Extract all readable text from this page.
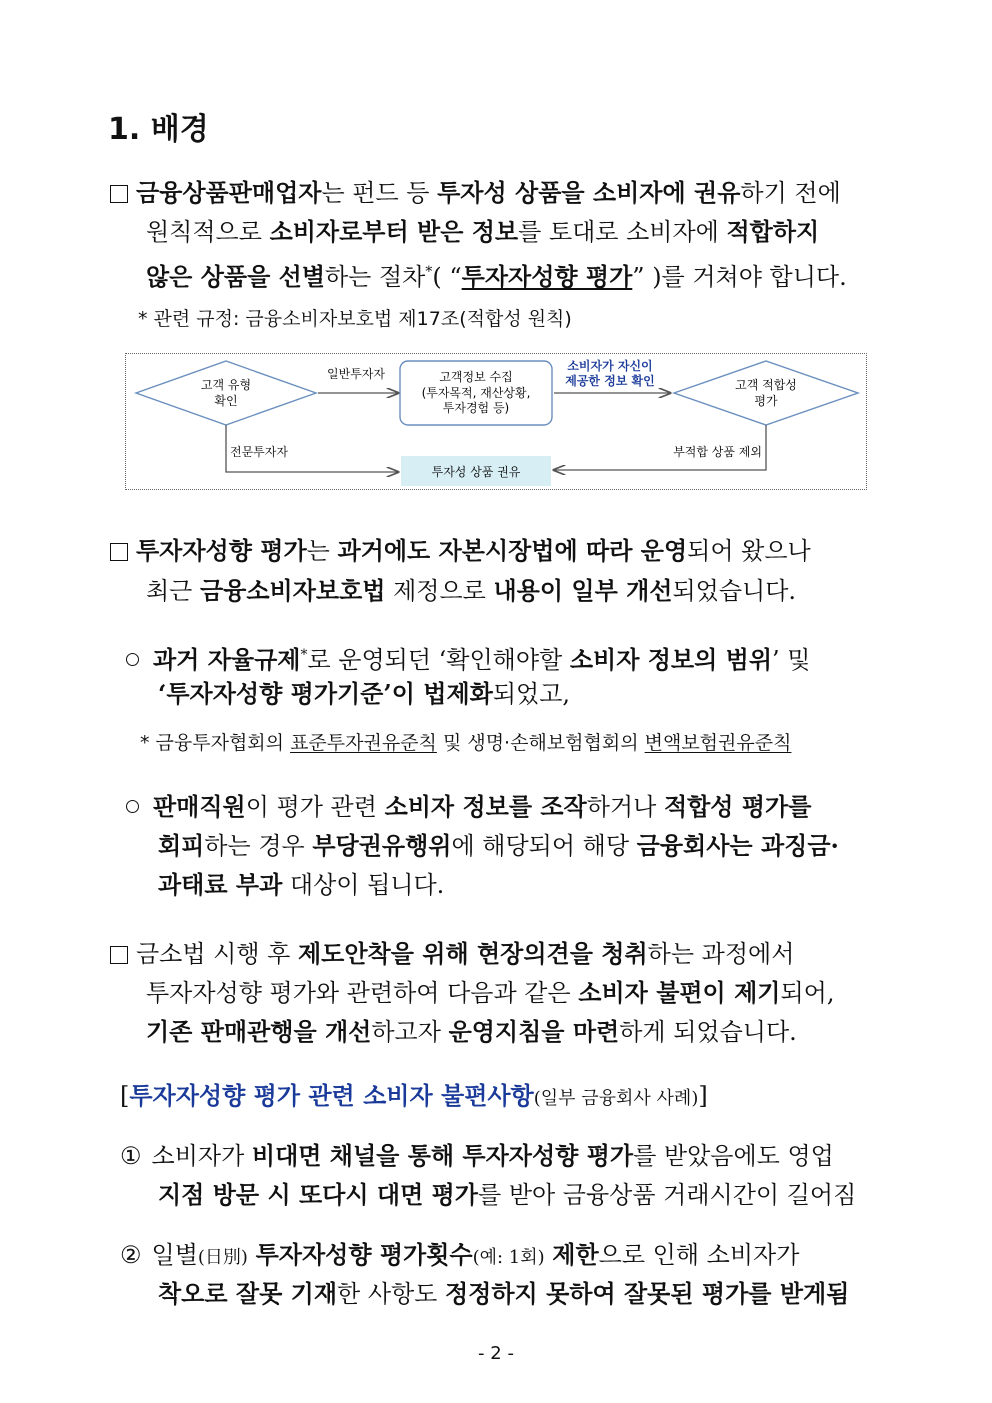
1. 배경
금융상품판매업자는 펀드 등 투자성 상품을 소비자에 권유하기 전에
원칙적으로 소비자로부터 받은 정보를 토대로 소비자에 적합하지
않은 상품을 선별하는 절차*( “투자자성향 평가” )를 거쳐야 합니다.
* 관련 규정: 금융소비자보호법 제17조(적합성 원칙)
고객 유형
확인
일반투자자	고객정보 수집
(투자목적, 재산상황,
투자경험 등)
소비자가 자신이
제공한 정보 확인	고객 적합성
평가
전문투자자	부적합 상품 제외
투자성 상품 권유
투자자성향 평가는 과거에도 자본시장법에 따라 운영되어 왔으나
최근 금융소비자보호법 제정으로 내용이 일부 개선되었습니다.
과거 자율규제*로 운영되던 ‘확인해야할 소비자 정보의 범위’ 및
‘투자자성향 평가기준’이 법제화되었고,
* 금융투자협회의 표준투자권유준칙 및 생명·손해보험협회의 변액보험권유준칙
판매직원이 평가 관련 소비자 정보를 조작하거나 적합성 평가를
회피하는 경우 부당권유행위에 해당되어 해당 금융회사는 과징금·
과태료 부과 대상이 됩니다.
금소법 시행 후 제도안착을 위해 현장의견을 청취하는 과정에서
투자자성향 평가와 관련하여 다음과 같은 소비자 불편이 제기되어,
기존 판매관행을 개선하고자 운영지침을 마련하게 되었습니다.
[투자자성향 평가 관련 소비자 불편사항(일부 금융회사 사례)]
① 소비자가 비대면 채널을 통해 투자자성향 평가를 받았음에도 영업
지점 방문 시 또다시 대면 평가를 받아 금융상품 거래시간이 길어짐
② 일별(日別) 투자자성향 평가횟수(예: 1회) 제한으로 인해 소비자가
착오로 잘못 기재한 사항도 정정하지 못하여 잘못된 평가를 받게됨
- 2 -
